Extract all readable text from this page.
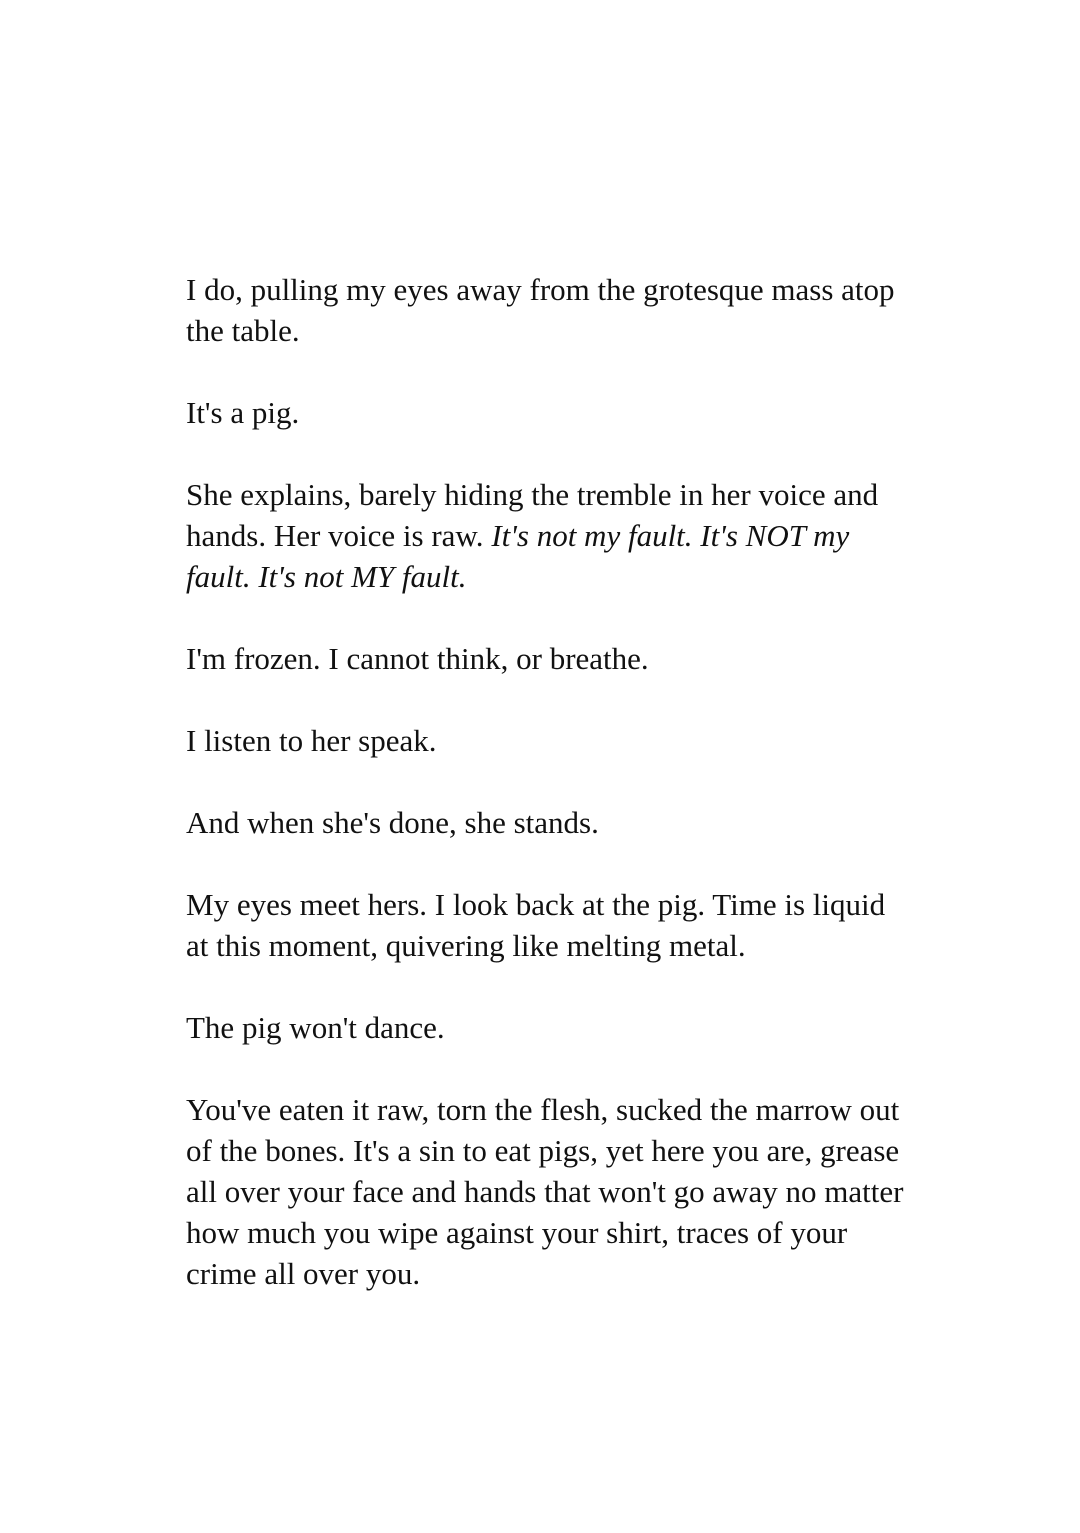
I do, pulling my eyes away from the grotesque mass atop the table.

It's a pig.

She explains, barely hiding the tremble in her voice and hands. Her voice is raw. It's not my fault. It's NOT my fault. It's not MY fault.

I'm frozen. I cannot think, or breathe.

I listen to her speak.

And when she's done, she stands.

My eyes meet hers. I look back at the pig. Time is liquid at this moment, quivering like melting metal.

The pig won't dance.

You've eaten it raw, torn the flesh, sucked the marrow out of the bones. It's a sin to eat pigs, yet here you are, grease all over your face and hands that won't go away no matter how much you wipe against your shirt, traces of your crime all over you.
